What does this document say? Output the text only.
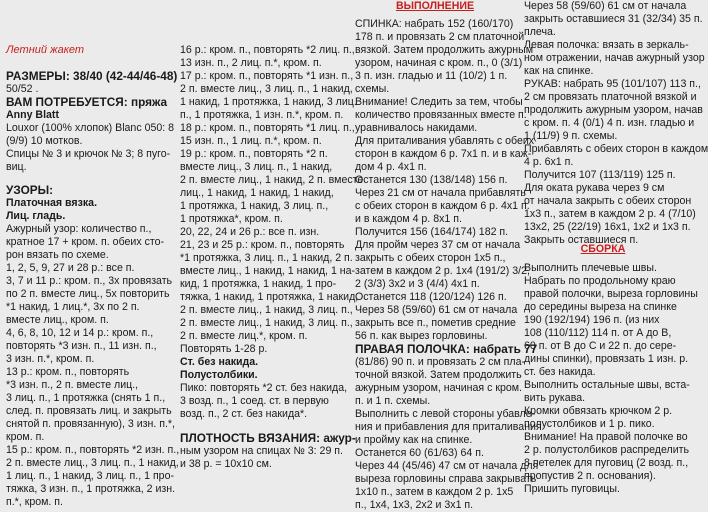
Летний жакет
РАЗМЕРЫ: 38/40 (42-44/46-48)
50/52 .
ВАМ ПОТРЕБУЕТСЯ: пряжа
Anny Blatt
Louxor (100% хлопок) Blanc 050: 8
(9/9) 10 мотков.
Спицы № 3 и крючок № 3; 8 пуго-
виц.
УЗОРЫ:
Платочная вязка.
Лиц. гладь.
Ажурный узор: количество п.,
кратное 17 + кром. п. обеих сто-
рон вязать по схеме.
1, 2, 5, 9, 27 и 28 р.: все п.
3, 7 и 11 р.: кром. п., 3х провязать
по 2 п. вместе лиц., 5х повторить
*1 накид, 1 лиц.*, 3х по 2 п.
вместе лиц., кром. п.
4, 6, 8, 10, 12 и 14 р.: кром. п.,
повторять *3 изн. п., 11 изн. п.,
3 изн. п.*, кром. п.
13 р.: кром. п., повторять
*3 изн. п., 2 п. вместе лиц.,
3 лиц. п., 1 протяжка (снять 1 п.,
след. п. провязать лиц. и закрыть
снятой п. провязанную), 3 изн. п.*,
кром. п.
15 р.: кром. п., повторять *2 изн. п.,
2 п. вместе лиц., 3 лиц. п., 1 накид,
1 лиц. п., 1 накид, 3 лиц. п., 1 про-
тяжка, 3 изн. п., 1 протяжка, 2 изн.
п.*, кром. п.
16 р.: кром. п., повторять *2 лиц. п.,
13 изн. п., 2 лиц. п.*, кром. п.
17 р.: кром. п., повторять *1 изн. п.,
2 п. вместе лиц., 3 лиц. п., 1 накид,
1 накид, 1 протяжка, 1 накид, 3 лиц.
п., 1 протяжка, 1 изн. п.*, кром. п.
18 р.: кром. п., повторять *1 лиц. п.,
15 изн. п., 1 лиц. п.*, кром. п.
19 р.: кром. п., повторять *2 п.
вместе лиц., 3 лиц. п., 1 накид,
2 п. вместе лиц., 1 накид, 2 п. вместе
лиц., 1 накид, 1 накид, 1 накид,
1 протяжка, 1 накид, 3 лиц. п.,
1 протяжка*, кром. п.
20, 22, 24 и 26 р.: все п. изн.
21, 23 и 25 р.: кром. п., повторять
*1 протяжка, 3 лиц. п., 1 накид, 2 п.
вместе лиц., 1 накид, 1 накид, 1 на-
кид, 1 протяжка, 1 накид, 1 про-
тяжка, 1 накид, 1 протяжка, 1 накид,
2 п. вместе лиц., 1 накид, 3 лиц. п.,
2 п. вместе лиц., 1 накид, 3 лиц. п.,
2 п. вместе лиц.*, кром. п.
Повторять 1-28 р.
Ст. без накида.
Полустолбики.
Пико: повторять *2 ст. без накида,
3 возд. п., 1 соед. ст. в первую
возд. п., 2 ст. без накида*.
ПЛОТНОСТЬ ВЯЗАНИЯ: ажур-
ным узором на спицах № 3: 29 п.
и 38 р. = 10х10 см.
ВЫПОЛНЕНИЕ
СПИНКА: набрать 152 (160/170)
178 п. и провязать 2 см платочной
вязкой. Затем продолжить ажурным
узором, начиная с кром. п., 0 (3/1)
3 п. изн. гладью и 11 (10/2) 1 п.
схемы.
Внимание! Следить за тем, чтобы
количество провязанных вместе п.
уравнивалось накидами.
Для приталивания убавлять с обеих
сторон в каждом 6 р. 7х1 п. и в каж-
дом 4 р. 4х1 п.
Останется 130 (138/148) 156 п.
Через 21 см от начала прибавлять
с обеих сторон в каждом 6 р. 4х1 п.
и в каждом 4 р. 8х1 п.
Получится 156 (164/174) 182 п.
Для пройм через 37 см от начала
закрыть с обеих сторон 1х5 п.,
затем в каждом 2 р. 1х4 (191/2) 3/2,
2 (3/3) 3х2 и 3 (4/4) 4х1 п.
Останется 118 (120/124) 126 п.
Через 58 (59/60) 61 см от начала
закрыть все п., пометив средние
56 п. как вырез горловины.
ПРАВАЯ ПОЛОЧКА: набрать 77
(81/86) 90 п. и провязать 2 см пла-
точной вязкой. Затем продолжить
ажурным узором, начиная с кром.
п. и 1 п. схемы.
Выполнить с левой стороны убавле-
ния и прибавления для приталивания
и пройму как на спинке.
Останется 60 (61/63) 64 п.
Через 44 (45/46) 47 см от начала для
выреза горловины справа закрывать
1х10 п., затем в каждом 2 р. 1х5
п., 1х4, 1х3, 2х2 и 3х1 п.
Через 58 (59/60) 61 см от начала
закрыть оставшиеся 31 (32/34) 35 п.
плеча.
Левая полочка: вязать в зеркаль-
ном отражении, начав ажурный узор
как на спинке.
РУКАВ: набрать 95 (101/107) 113 п.,
2 см провязать платочной вязкой и
продолжить ажурным узором, начав
с кром. п. 4 (0/1) 4 п. изн. гладью и
1 (11/9) 9 п. схемы.
Прибавлять с обеих сторон в каждом
4 р. 6х1 п.
Получится 107 (113/119) 125 п.
Для оката рукава через 9 см
от начала закрыть с обеих сторон
1х3 п., затем в каждом 2 р. 4 (7/10)
13х2, 25 (22/19) 16х1, 1х2 и 1х3 п.
Закрыть оставшиеся п.
СБОРКА
Выполнить плечевые швы.
Набрать по продольному краю
правой полочки, выреза горловины
до середины выреза на спинке
190 (192/194) 196 п. (из них
108 (110/112) 114 п. от А до В,
60 п. от В до С и 22 п. до сере-
дины спинки), провязать 1 изн. р.
ст. без накида.
Выполнить остальные швы, вста-
вить рукава.
Кромки обвязать крючком 2 р.
полустолбиков и 1 р. пико.
Внимание! На правой полочке во
2 р. полустолбиков распределить
8 петелек для пуговиц (2 возд. п.,
пропустив 2 п. основания).
Пришить пуговицы.
